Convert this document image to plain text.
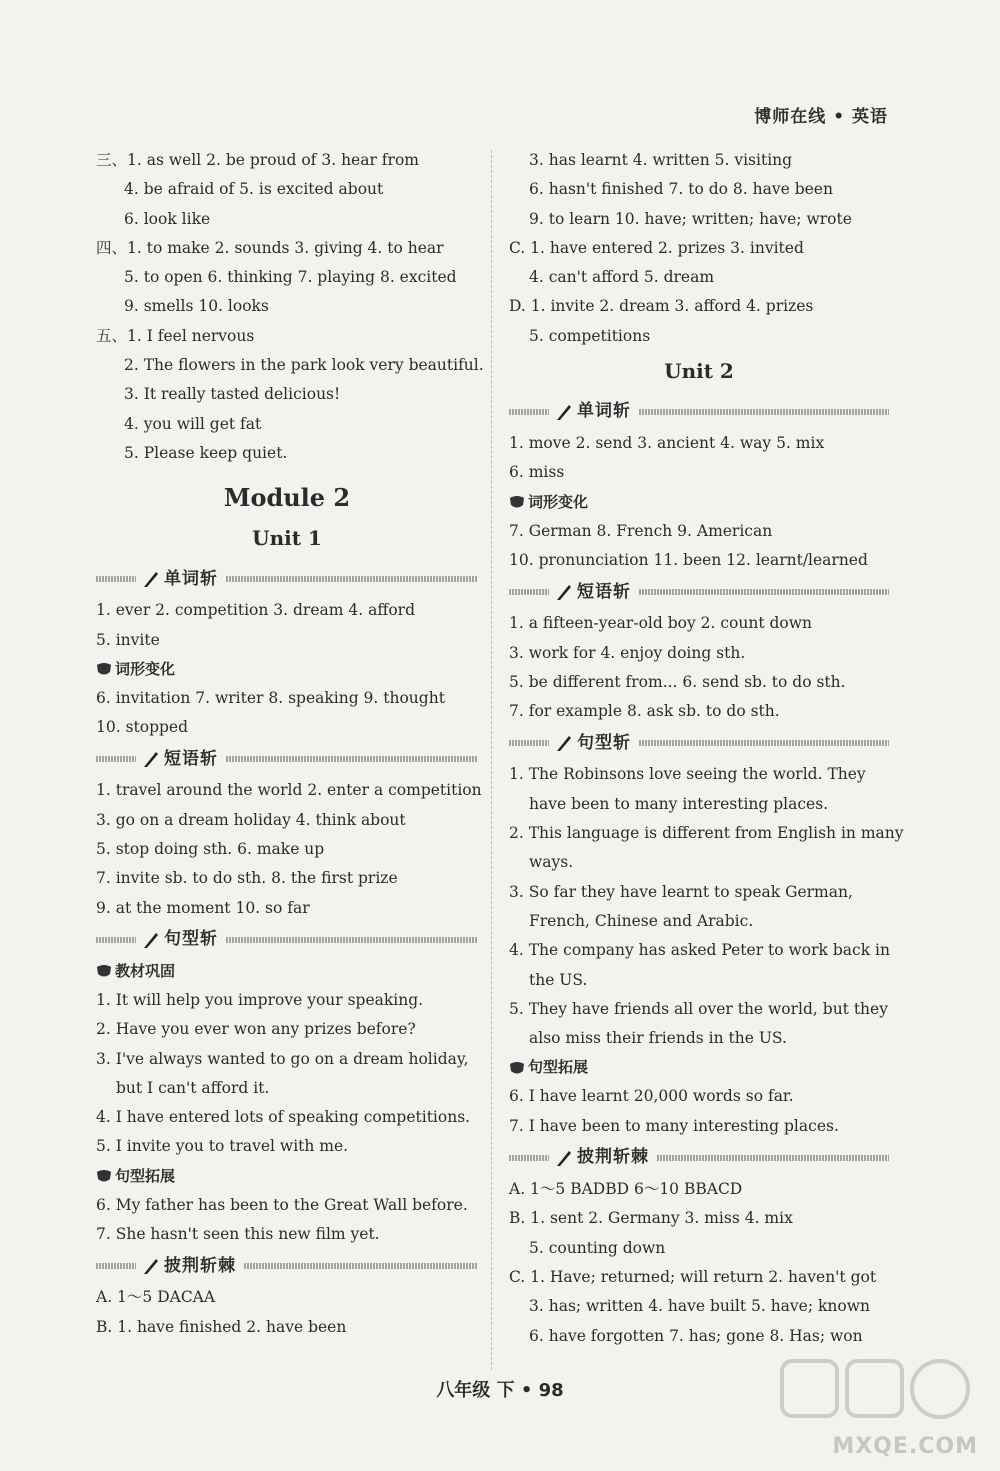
博师在线 • 英语
三、1. as well 2. be proud of 3. hear from
4. be afraid of 5. is excited about
6. look like
四、1. to make 2. sounds 3. giving 4. to hear
5. to open 6. thinking 7. playing 8. excited
9. smells 10. looks
五、1. I feel nervous
2. The flowers in the park look very beautiful.
3. It really tasted delicious!
4. you will get fat
5. Please keep quiet.
Module 2
Unit 1
单词斩
1. ever 2. competition 3. dream 4. afford
5. invite
词形变化
6. invitation 7. writer 8. speaking 9. thought
10. stopped
短语斩
1. travel around the world 2. enter a competition
3. go on a dream holiday 4. think about
5. stop doing sth. 6. make up
7. invite sb. to do sth. 8. the first prize
9. at the moment 10. so far
句型斩
教材巩固
1. It will help you improve your speaking.
2. Have you ever won any prizes before?
3. I've always wanted to go on a dream holiday,
but I can't afford it.
4. I have entered lots of speaking competitions.
5. I invite you to travel with me.
句型拓展
6. My father has been to the Great Wall before.
7. She hasn't seen this new film yet.
披荆斩棘
A. 1～5 DACAA
B. 1. have finished 2. have been
3. has learnt 4. written 5. visiting
6. hasn't finished 7. to do 8. have been
9. to learn 10. have; written; have; wrote
C. 1. have entered 2. prizes 3. invited
4. can't afford 5. dream
D. 1. invite 2. dream 3. afford 4. prizes
5. competitions
Unit 2
单词斩
1. move 2. send 3. ancient 4. way 5. mix
6. miss
词形变化
7. German 8. French 9. American
10. pronunciation 11. been 12. learnt/learned
短语斩
1. a fifteen-year-old boy 2. count down
3. work for 4. enjoy doing sth.
5. be different from... 6. send sb. to do sth.
7. for example 8. ask sb. to do sth.
句型斩
1. The Robinsons love seeing the world. They
have been to many interesting places.
2. This language is different from English in many
ways.
3. So far they have learnt to speak German,
French, Chinese and Arabic.
4. The company has asked Peter to work back in
the US.
5. They have friends all over the world, but they
also miss their friends in the US.
句型拓展
6. I have learnt 20,000 words so far.
7. I have been to many interesting places.
披荆斩棘
A. 1～5 BADBD 6～10 BBACD
B. 1. sent 2. Germany 3. miss 4. mix
5. counting down
C. 1. Have; returned; will return 2. haven't got
3. has; written 4. have built 5. have; known
6. have forgotten 7. has; gone 8. Has; won
八年级 下 • 98
MXQE.COM
